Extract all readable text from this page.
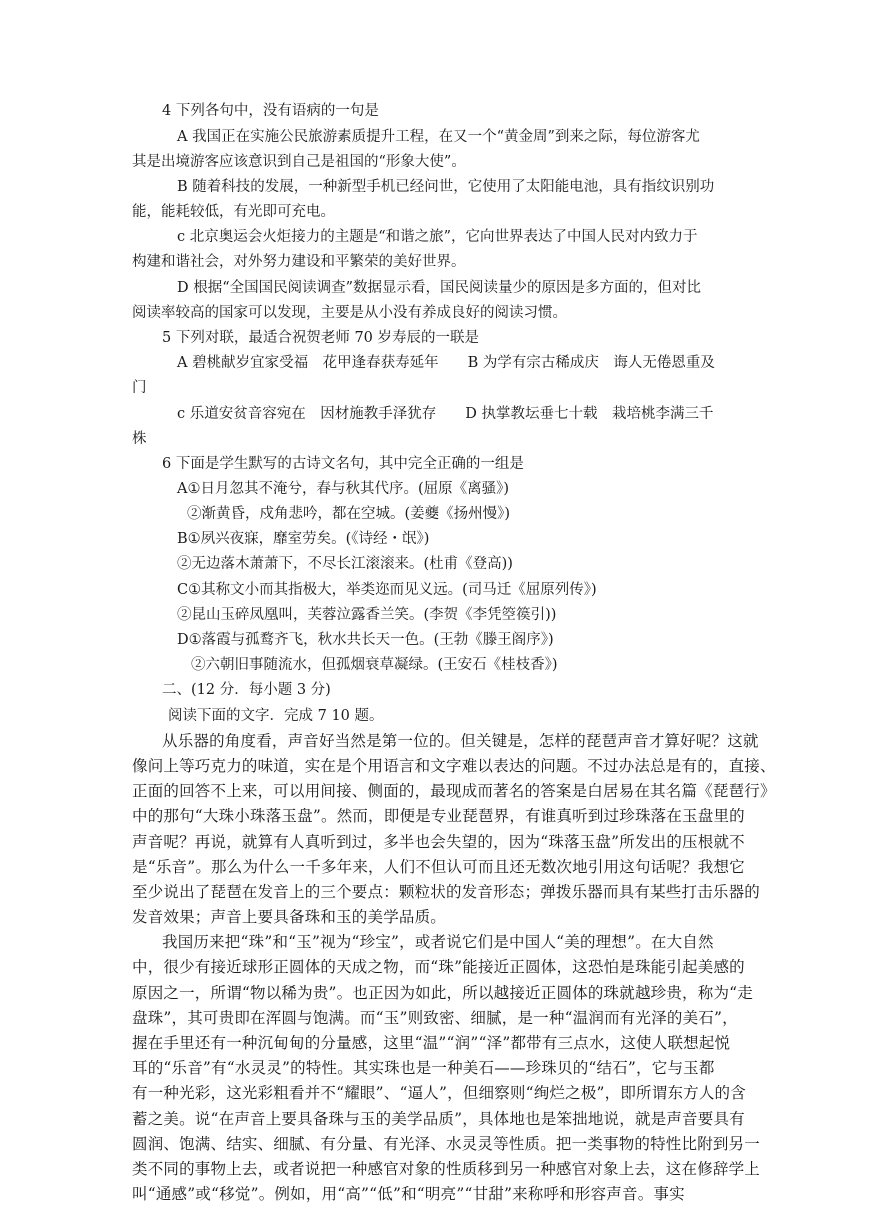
4 下列各句中，没有语病的一句是
A 我国正在实施公民旅游素质提升工程，在又一个“黄金周”到来之际，每位游客尤
其是出境游客应该意识到自己是祖国的“形象大使”。
B 随着科技的发展，一种新型手机已经问世，它使用了太阳能电池，具有指纹识别功
能，能耗较低，有光即可充电。
c 北京奥运会火炬接力的主题是“和谐之旅”，它向世界表达了中国人民对内致力于
构建和谐社会，对外努力建设和平繁荣的美好世界。
D 根据“全国国民阅读调查”数据显示看，国民阅读量少的原因是多方面的，但对比
阅读率较高的国家可以发现，主要是从小没有养成良好的阅读习惯。
5 下列对联，最适合祝贺老师 70 岁寿辰的一联是
A 碧桃献岁宜家受福　花甲逢春获寿延年　　B 为学有宗古稀成庆　诲人无倦恩重及
门
c 乐道安贫音容宛在　因材施教手泽犹存　　D 执掌教坛垂七十载　栽培桃李满三千
株
6 下面是学生默写的古诗文名句，其中完全正确的一组是
A①日月忽其不淹兮，春与秋其代序。(屈原《离骚》)
②渐黄昏，戍角悲吟，都在空城。(姜夔《扬州慢》)
B①夙兴夜寐，靡室劳矣。(《诗经・氓》)
②无边落木萧萧下，不尽长江滚滚来。(杜甫《登高))
C①其称文小而其指极大，举类迩而见义远。(司马迁《屈原列传》)
②昆山玉碎凤凰叫，芙蓉泣露香兰笑。(李贺《李凭箜篌引))
D①落霞与孤鹜齐飞，秋水共长天一色。(王勃《滕王阁序》)
②六朝旧事随流水，但孤烟衰草凝绿。(王安石《桂枝香》)
二、(12 分．每小题 3 分)
阅读下面的文字．完成 7 10 题。
从乐器的角度看，声音好当然是第一位的。但关键是，怎样的琵琶声音才算好呢？这就
像问上等巧克力的味道，实在是个用语言和文字难以表达的问题。不过办法总是有的，直接、
正面的回答不上来，可以用间接、侧面的，最现成而著名的答案是白居易在其名篇《琵琶行》
中的那句“大珠小珠落玉盘”。然而，即便是专业琵琶界，有谁真听到过珍珠落在玉盘里的
声音呢？再说，就算有人真听到过，多半也会失望的，因为“珠落玉盘”所发出的压根就不
是“乐音”。那么为什么一千多年来，人们不但认可而且还无数次地引用这句话呢？我想它
至少说出了琵琶在发音上的三个要点：颗粒状的发音形态；弹拨乐器而具有某些打击乐器的
发音效果；声音上要具备珠和玉的美学品质。
我国历来把“珠”和“玉”视为“珍宝”，或者说它们是中国人“美的理想”。在大自然
中，很少有接近球形正圆体的天成之物，而“珠”能接近正圆体，这恐怕是珠能引起美感的
原因之一，所谓“物以稀为贵”。也正因为如此，所以越接近正圆体的珠就越珍贵，称为“走
盘珠”，其可贵即在浑圆与饱满。而“玉”则致密、细腻，是一种“温润而有光泽的美石”，
握在手里还有一种沉甸甸的分量感，这里“温”“润”“泽”都带有三点水，这使人联想起悦
耳的“乐音”有“水灵灵”的特性。其实珠也是一种美石——珍珠贝的“结石”，它与玉都
有一种光彩，这光彩粗看并不“耀眼”、“逼人”，但细察则“绚烂之极”，即所谓东方人的含
蓄之美。说“在声音上要具备珠与玉的美学品质”，具体地也是笨拙地说，就是声音要具有
圆润、饱满、结实、细腻、有分量、有光泽、水灵灵等性质。把一类事物的特性比附到另一
类不同的事物上去，或者说把一种感官对象的性质移到另一种感官对象上去，这在修辞学上
叫“通感”或“移觉”。例如，用“高”“低”和“明亮”“甘甜”来称呼和形容声音。事实
